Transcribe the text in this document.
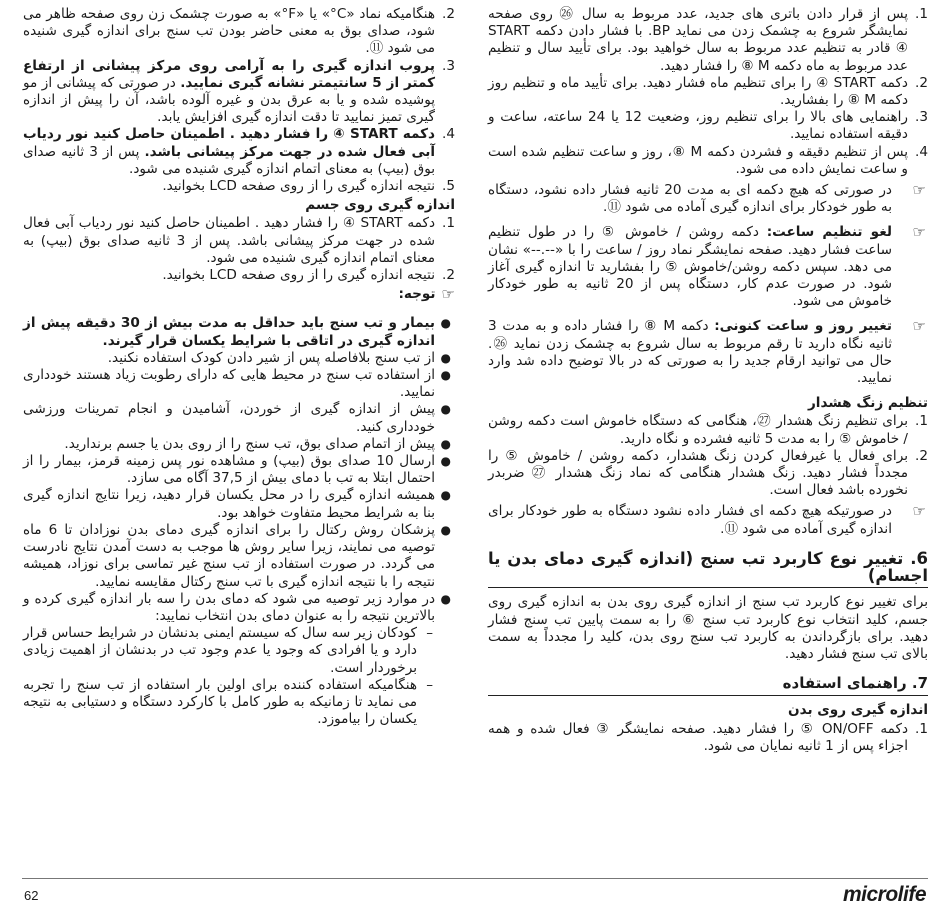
1.
پس از قرار دادن باتری های جدید، عدد مربوط به سال ㉖ روی صفحه نمایشگر شروع به چشمک زدن می نماید BP. با فشار دادن دکمه START ④ قادر به تنظیم عدد مربوط به سال خواهید بود. برای تأیید سال و تنظیم عدد مربوط به ماه دکمه M ⑧ را فشار دهید.
2.
دکمه START ④ را برای تنظیم ماه فشار دهید. برای تأیید ماه و تنظیم روز دکمه M ⑧ را بفشارید.
3.
راهنمایی های بالا را برای تنظیم روز، وضعیت 12 یا 24 ساعته، ساعت و دقیقه استفاده نمایید.
4.
پس از تنظیم دقیقه و فشردن دکمه M ⑧، روز و ساعت تنظیم شده است و ساعت نمایش داده می شود.
☞
در صورتی که هیچ دکمه ای به مدت 20 ثانیه فشار داده نشود، دستگاه به طور خودکار برای اندازه گیری آماده می شود ⑪.
☞
لغو تنظیم ساعت: دکمه روشن / خاموش ⑤ را در طول تنظیم ساعت فشار دهید. صفحه نمایشگر نماد روز / ساعت را با «--.--» نشان می دهد. سپس دکمه روشن/خاموش ⑤ را بفشارید تا اندازه گیری آغاز شود. در صورت عدم کار، دستگاه پس از 20 ثانیه به طور خودکار خاموش می شود.
☞
تغییر روز و ساعت کنونی: دکمه M ⑧ را فشار داده و به مدت 3 ثانیه نگاه دارید تا رقم مربوط به سال شروع به چشمک زدن نماید ㉖. حال می توانید ارقام جدید را به صورتی که در بالا توضیح داده شد وارد نمایید.
تنظیم زنگ هشدار
1.
برای تنظیم زنگ هشدار ㉗، هنگامی که دستگاه خاموش است دکمه روشن / خاموش ⑤ را به مدت 5 ثانیه فشرده و نگاه دارید.
2.
برای فعال یا غیرفعال کردن زنگ هشدار، دکمه روشن / خاموش ⑤ را مجدداً فشار دهید. زنگ هشدار هنگامی که نماد زنگ هشدار ㉗ ضربدر نخورده باشد فعال است.
☞
در صورتیکه هیچ دکمه ای فشار داده نشود دستگاه به طور خودکار برای اندازه گیری آماده می شود ⑪.
6. تغییر نوع کاربرد تب سنج (اندازه گیری دمای بدن یا اجسام)
برای تغییر نوع کاربرد تب سنج از اندازه گیری روی بدن به اندازه گیری روی جسم، کلید انتخاب نوع کاربرد تب سنج ⑥ را به سمت پایین تب سنج فشار دهید. برای بازگرداندن به کاربرد تب سنج روی بدن، کلید را مجدداً به سمت بالای تب سنج فشار دهید.
7. راهنمای استفاده
اندازه گیری روی بدن
1.
دکمه ON/OFF ⑤ را فشار دهید. صفحه نمایشگر ③ فعال شده و همه اجزاء پس از 1 ثانیه نمایان می شود.
2.
هنگامیکه نماد «C°» یا «F°» به صورت چشمک زن روی صفحه ظاهر می شود، صدای بوق به معنی حاضر بودن تب سنج برای اندازه گیری شنیده می شود ⑪.
3.
پروب اندازه گیری را به آرامی روی مرکز پیشانی از ارتفاع کمتر از 5 سانتیمتر نشانه گیری نمایید. در صورتی که پیشانی از مو پوشیده شده و یا به عرق بدن و غیره آلوده باشد، آن را پیش از اندازه گیری تمیز نمایید تا دقت اندازه گیری افزایش یابد.
4.
دکمه START ④ را فشار دهید . اطمینان حاصل کنید نور ردیاب آبی فعال شده در جهت مرکز پیشانی باشد. پس از 3 ثانیه صدای بوق (بیپ) به معنای اتمام اندازه گیری شنیده می شود.
5.
نتیجه اندازه گیری را از روی صفحه LCD بخوانید.
اندازه گیری روی جسم
1.
دکمه START ④ را فشار دهید . اطمینان حاصل کنید نور ردیاب آبی فعال شده در جهت مرکز پیشانی باشد. پس از 3 ثانیه صدای بوق (بیپ) به معنای اتمام اندازه گیری شنیده می شود.
2.
نتیجه اندازه گیری را از روی صفحه LCD بخوانید.
☞
توجه:
●
بیمار و تب سنج باید حداقل به مدت بیش از 30 دقیقه پیش از اندازه گیری در اتاقی با شرایط یکسان قرار گیرند.
●
از تب سنج بلافاصله پس از شیر دادن کودک استفاده نکنید.
●
از استفاده تب سنج در محیط هایی که دارای رطوبت زیاد هستند خودداری نمایید.
●
پیش از اندازه گیری از خوردن، آشامیدن و انجام تمرینات ورزشی خودداری کنید.
●
پیش از اتمام صدای بوق، تب سنج را از روی بدن یا جسم برندارید.
●
ارسال 10 صدای بوق (بیپ) و مشاهده نور پس زمینه قرمز، بیمار را از احتمال ابتلا به تب با دمای بیش از 37,5 آگاه می سازد.
●
همیشه اندازه گیری را در محل یکسان قرار دهید، زیرا نتایج اندازه گیری بنا به شرایط محیط متفاوت خواهد بود.
●
پزشکان روش رکتال را برای اندازه گیری دمای بدن نوزادان تا 6 ماه توصیه می نمایند، زیرا سایر روش ها موجب به دست آمدن نتایج نادرست می گردد. در صورت استفاده از تب سنج غیر تماسی برای نوزاد، همیشه نتیجه را با نتیجه اندازه گیری با تب سنج رکتال مقایسه نمایید.
●
در موارد زیر توصیه می شود که دمای بدن را سه بار اندازه گیری کرده و بالاترین نتیجه را به عنوان دمای بدن انتخاب نمایید:
–
کودکان زیر سه سال که سیستم ایمنی بدنشان در شرایط حساس قرار دارد و یا افرادی که وجود یا عدم وجود تب در بدنشان از اهمیت زیادی برخوردار است.
–
هنگامیکه استفاده کننده برای اولین بار استفاده از تب سنج را تجربه می نماید تا زمانیکه به طور کامل با کارکرد دستگاه و دستیابی به نتیجه یکسان را بیاموزد.
62	microlife
